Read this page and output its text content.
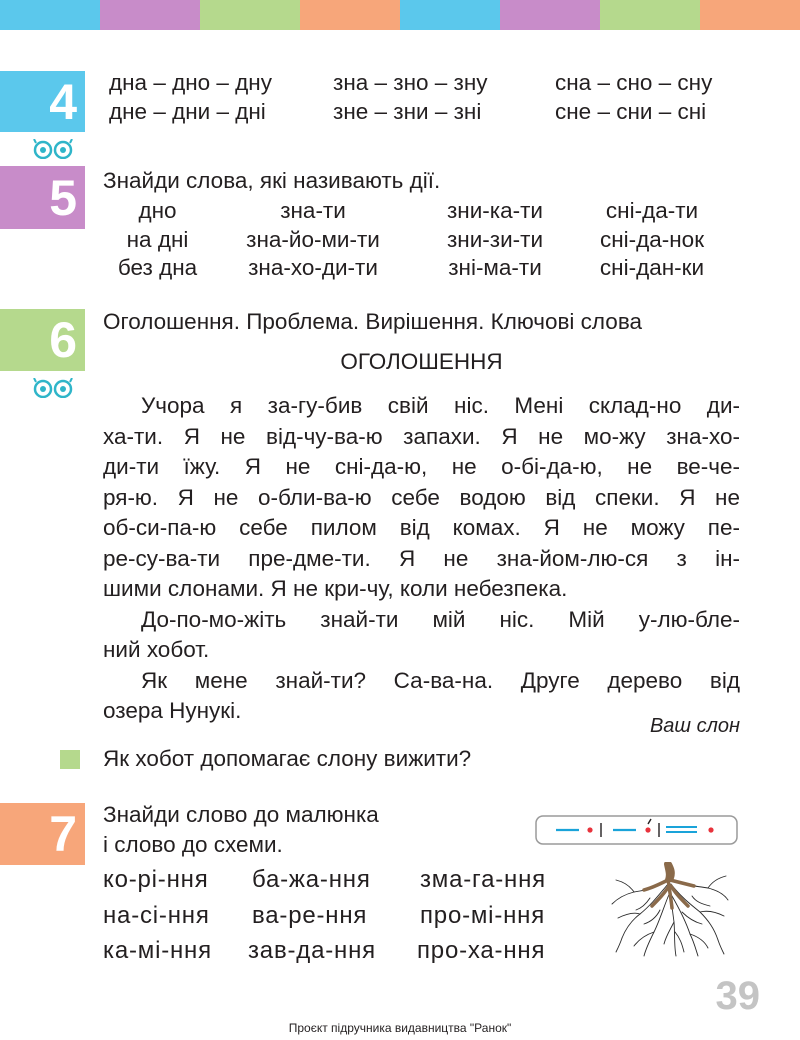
4	дна – дно – дну	зна – зно – зну	сна – сно – сну
дне – дни – дні	зне – зни – зні	сне – сни – сні
5	Знайди слова, які називають дії.
дно	зна-ти	зни-ка-ти	сні-да-ти
на дні	зна-йо-ми-ти	зни-зи-ти	сні-да-нок
без дна	зна-хо-ди-ти	зні-ма-ти	сні-дан-ки
6	Оголошення. Проблема. Вирішення. Ключові слова
ОГОЛОШЕННЯ
Учора я за-гу-бив свій ніс. Мені склад-но ди-
ха-ти. Я не від-чу-ва-ю запахи. Я не мо-жу зна-хо-
ди-ти їжу. Я не сні-да-ю, не о-бі-да-ю, не ве-че-
ря-ю. Я не о-бли-ва-ю себе водою від спеки. Я не
об-си-па-ю себе пилом від комах. Я не можу пе-
ре-су-ва-ти пре-дме-ти. Я не зна-йом-лю-ся з ін-
шими слонами. Я не кри-чу, коли небезпека.
До-по-мо-жіть знай-ти мій ніс. Мій у-лю-бле-
ний хобот.
Як мене знай-ти? Са-ва-на. Друге дерево від
озера Нунукі.
Ваш слон
Як хобот допомагає слону вижити?
7	Знайди слово до малюнка
і слово до схеми.
ко-рі-ння ба-жа-ння зма-га-ння
на-сі-ння ва-ре-ння про-мі-ння
ка-мі-ння зав-да-ння про-ха-ння
39
Проєкт підручника видавництва "Ранок"
